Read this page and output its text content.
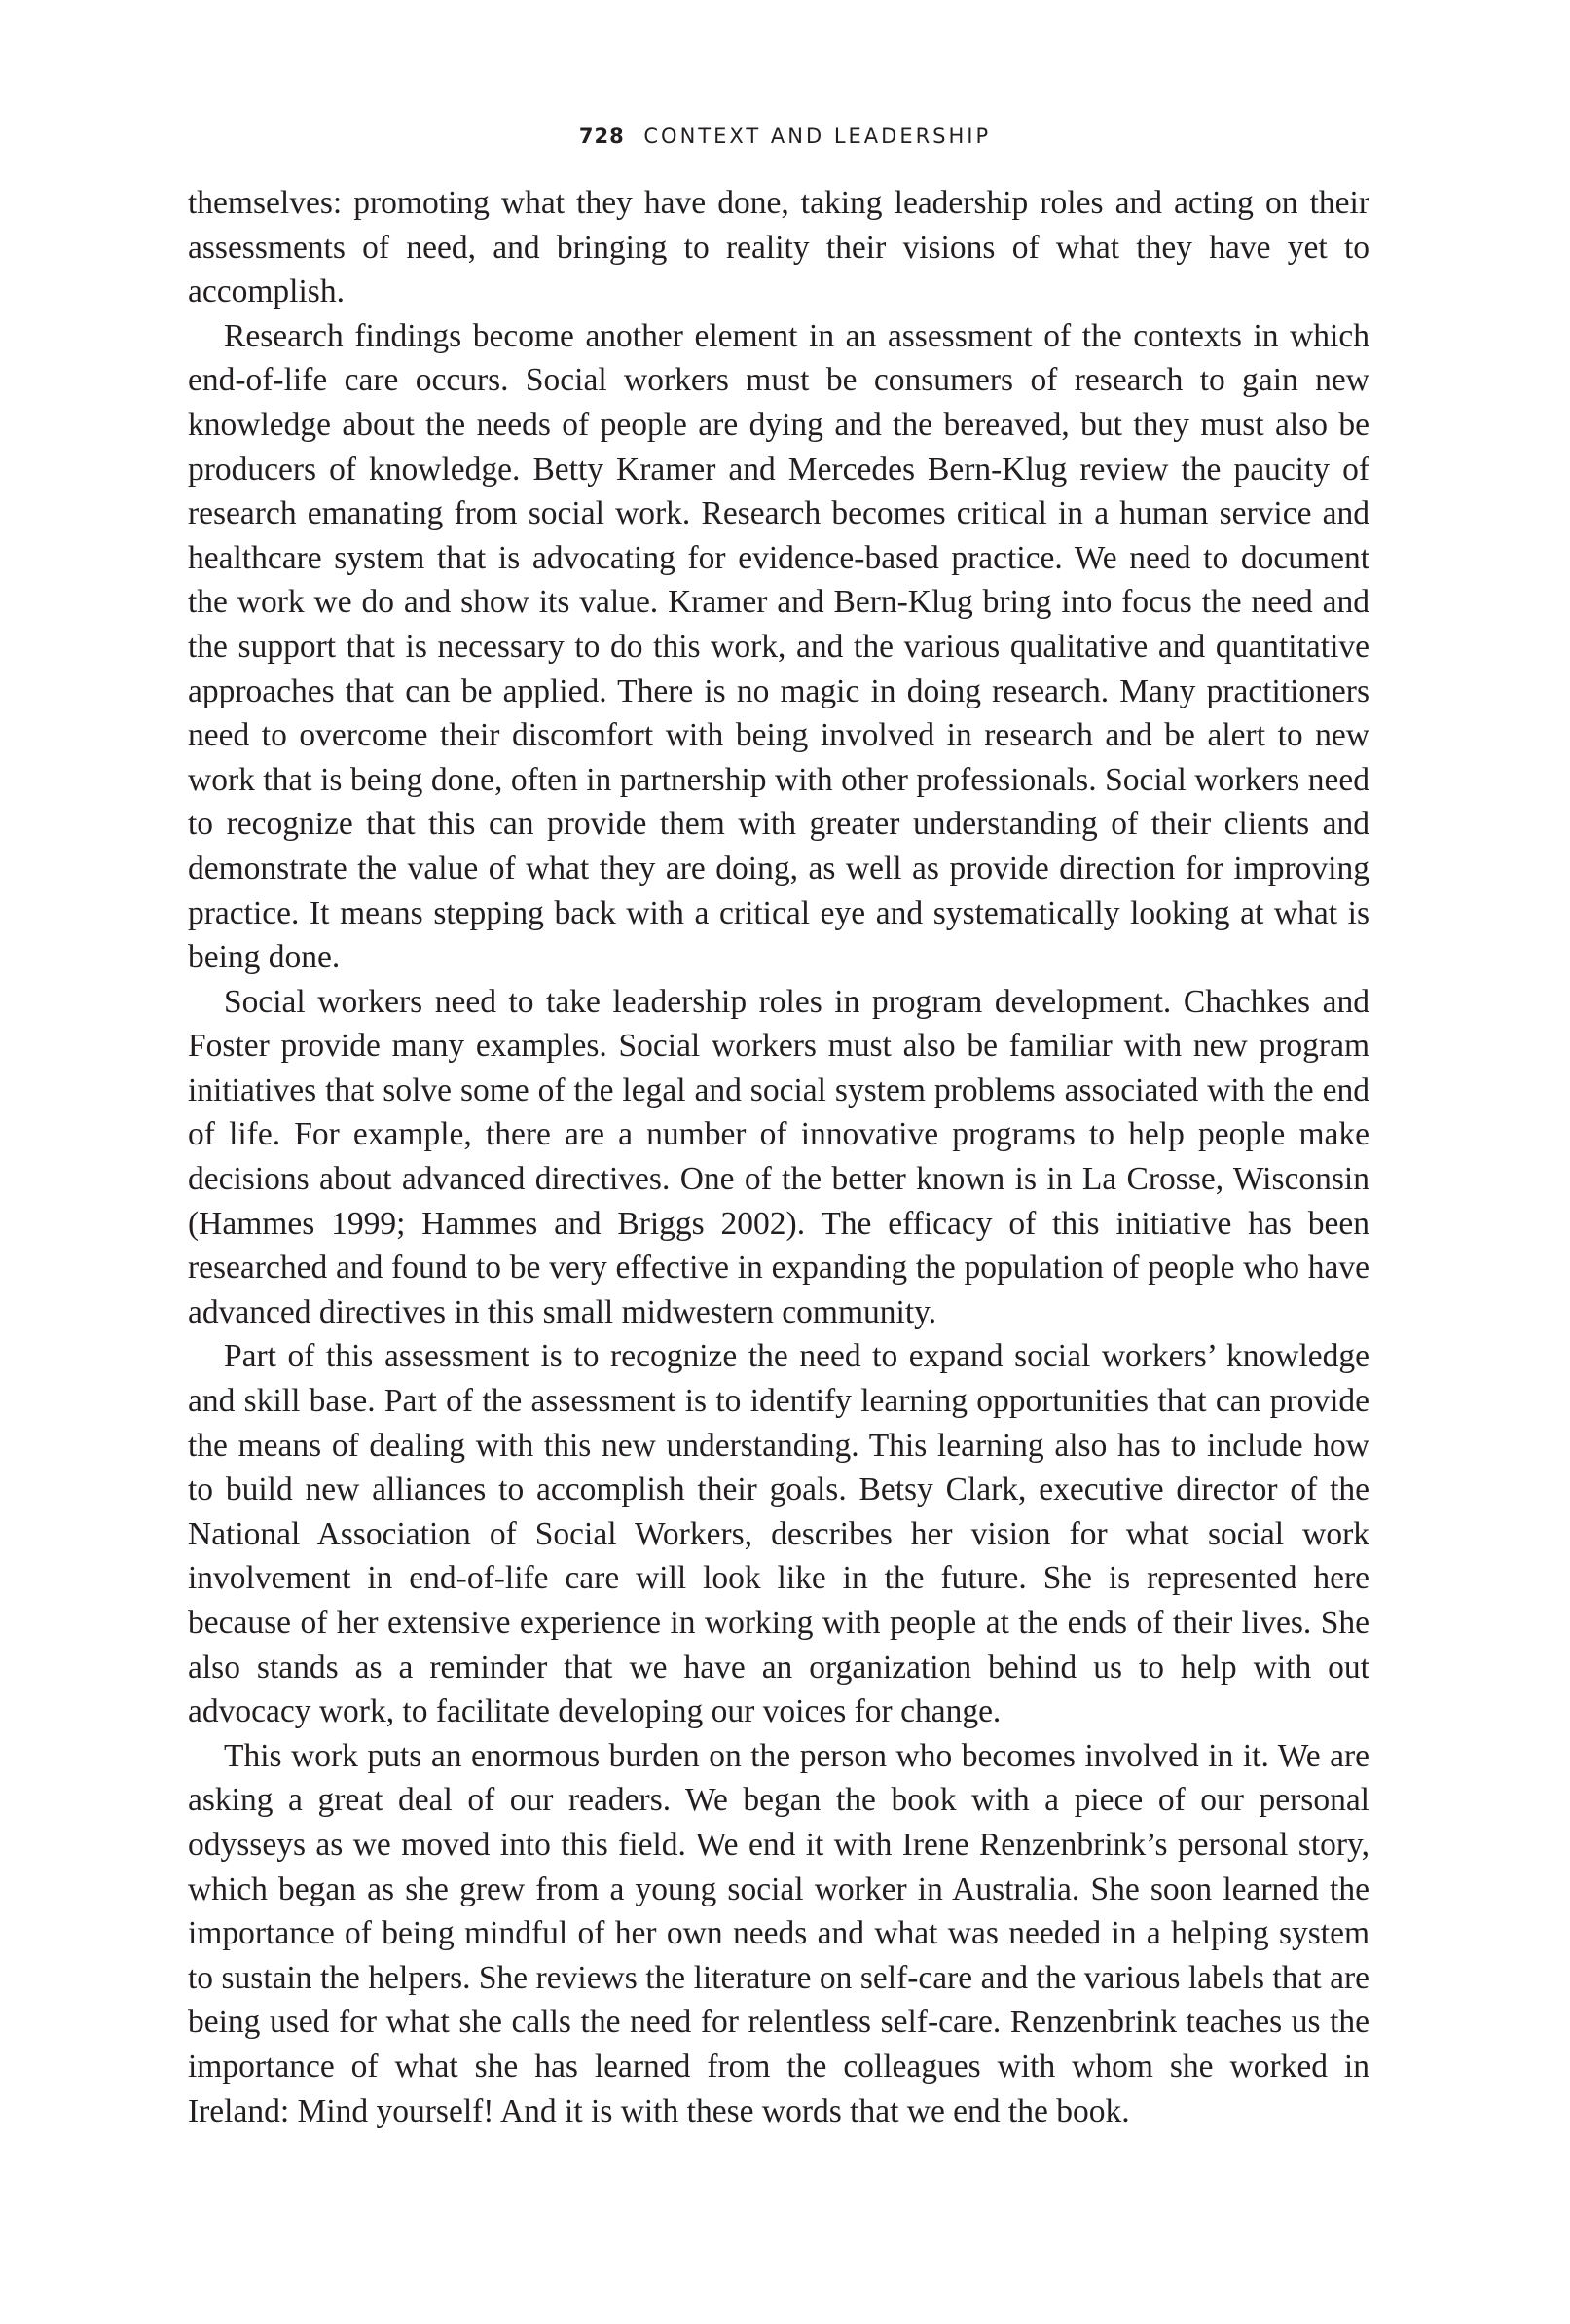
728 CONTEXT AND LEADERSHIP

themselves: promoting what they have done, taking leadership roles and acting on their assessments of need, and bringing to reality their visions of what they have yet to accomplish.

Research findings become another element in an assessment of the contexts in which end-of-life care occurs. Social workers must be consumers of research to gain new knowledge about the needs of people are dying and the bereaved, but they must also be producers of knowledge. Betty Kramer and Mercedes Bern-Klug review the paucity of research emanating from social work. Research becomes critical in a human service and healthcare system that is advocating for evidence-based practice. We need to document the work we do and show its value. Kramer and Bern-Klug bring into focus the need and the support that is necessary to do this work, and the various qualitative and quantitative approaches that can be applied. There is no magic in doing research. Many practitioners need to overcome their discomfort with being involved in research and be alert to new work that is being done, often in partnership with other professionals. Social workers need to recognize that this can provide them with greater understanding of their clients and demonstrate the value of what they are doing, as well as provide direction for improving practice. It means stepping back with a critical eye and systematically looking at what is being done.

Social workers need to take leadership roles in program development. Chachkes and Foster provide many examples. Social workers must also be familiar with new program initiatives that solve some of the legal and social system problems associated with the end of life. For example, there are a number of innovative programs to help people make decisions about advanced directives. One of the better known is in La Crosse, Wisconsin (Hammes 1999; Hammes and Briggs 2002). The efficacy of this initiative has been researched and found to be very effective in expanding the population of people who have advanced directives in this small midwestern community.

Part of this assessment is to recognize the need to expand social workers’ knowledge and skill base. Part of the assessment is to identify learning opportunities that can provide the means of dealing with this new understanding. This learning also has to include how to build new alliances to accomplish their goals. Betsy Clark, executive director of the National Association of Social Workers, describes her vision for what social work involvement in end-of-life care will look like in the future. She is represented here because of her extensive experience in working with people at the ends of their lives. She also stands as a reminder that we have an organization behind us to help with out advocacy work, to facilitate developing our voices for change.

This work puts an enormous burden on the person who becomes involved in it. We are asking a great deal of our readers. We began the book with a piece of our personal odysseys as we moved into this field. We end it with Irene Renzenbrink’s personal story, which began as she grew from a young social worker in Australia. She soon learned the importance of being mindful of her own needs and what was needed in a helping system to sustain the helpers. She reviews the literature on self-care and the various labels that are being used for what she calls the need for relentless self-care. Renzenbrink teaches us the importance of what she has learned from the colleagues with whom she worked in Ireland: Mind yourself! And it is with these words that we end the book.
